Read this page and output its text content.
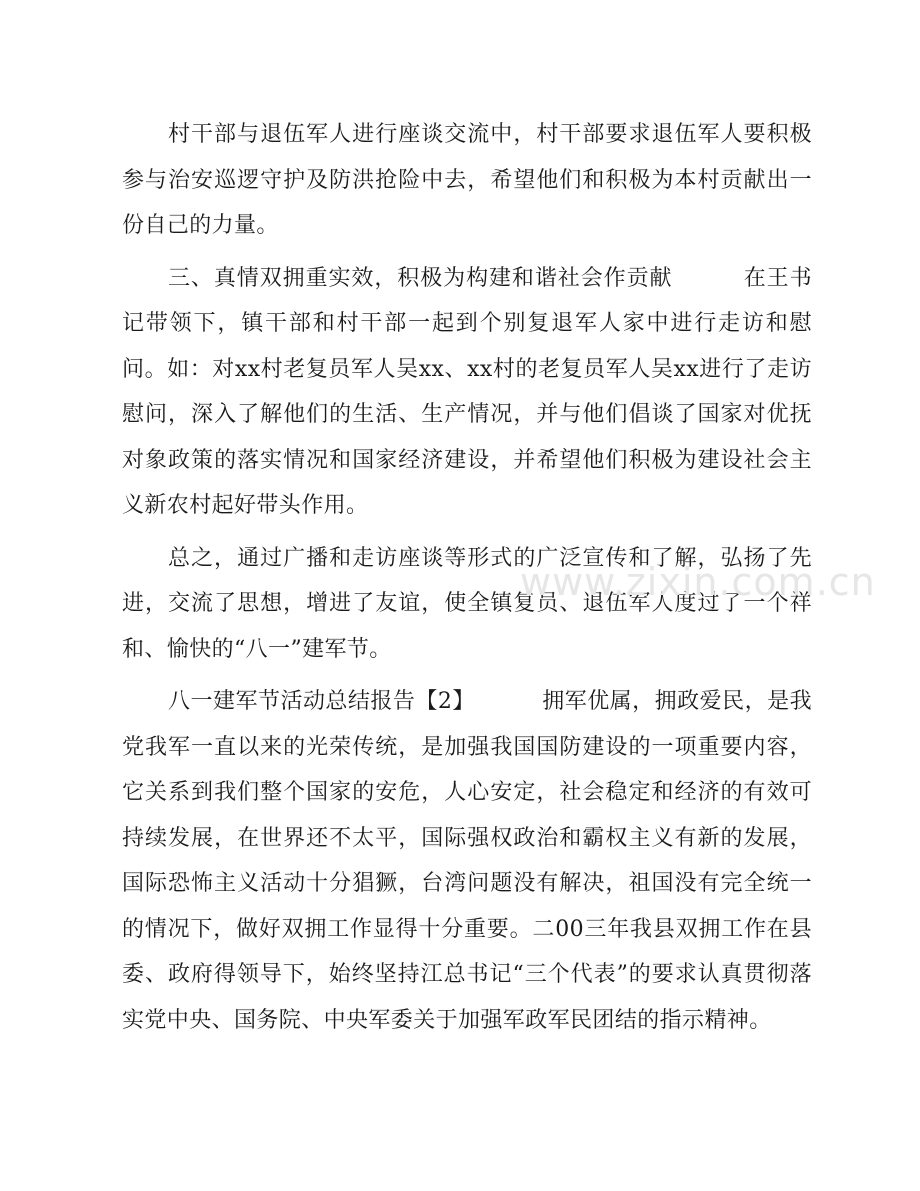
村干部与退伍军人进行座谈交流中，村干部要求退伍军人要积极参与治安巡逻守护及防洪抢险中去，希望他们和积极为本村贡献出一份自己的力量。

三、真情双拥重实效，积极为构建和谐社会作贡献         在王书记带领下，镇干部和村干部一起到个别复退军人家中进行走访和慰问。如：对xx村老复员军人吴xx、xx村的老复员军人吴xx进行了走访慰问，深入了解他们的生活、生产情况，并与他们倡谈了国家对优抚对象政策的落实情况和国家经济建设，并希望他们积极为建设社会主义新农村起好带头作用。

总之，通过广播和走访座谈等形式的广泛宣传和了解，弘扬了先进，交流了思想，增进了友谊，使全镇复员、退伍军人度过了一个祥和、愉快的“八一”建军节。

八一建军节活动总结报告【2】         拥军优属，拥政爱民，是我党我军一直以来的光荣传统，是加强我国国防建设的一项重要内容，它关系到我们整个国家的安危，人心安定，社会稳定和经济的有效可持续发展，在世界还不太平，国际强权政治和霸权主义有新的发展，国际恐怖主义活动十分猖獗，台湾问题没有解决，祖国没有完全统一的情况下，做好双拥工作显得十分重要。二00三年我县双拥工作在县委、政府得领导下，始终坚持江总书记“三个代表”的要求认真贯彻落实党中央、国务院、中央军委关于加强军政军民团结的指示精神。

www.zixin.com.cn
